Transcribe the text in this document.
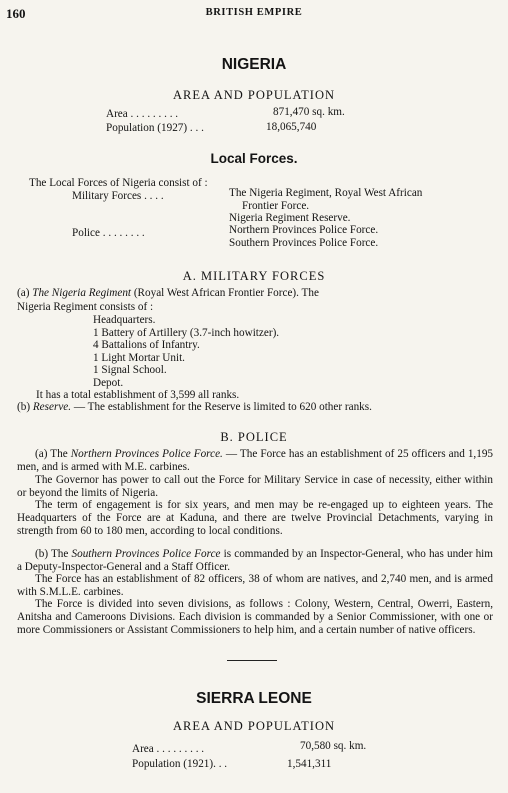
160	BRITISH EMPIRE
NIGERIA
AREA AND POPULATION
Area . . . . . . . . .	871,470 sq. km.
Population (1927) . . .	18,065,740
Local Forces.
The Local Forces of Nigeria consist of :
Military Forces . . . .	The Nigeria Regiment, Royal West African
Frontier Force.
Nigeria Regiment Reserve.
Police . . . . . . . .	Northern Provinces Police Force.
Southern Provinces Police Force.
A. MILITARY FORCES
(a) The Nigeria Regiment (Royal West African Frontier Force). The
Nigeria Regiment consists of :
Headquarters.
1 Battery of Artillery (3.7-inch howitzer).
4 Battalions of Infantry.
1 Light Mortar Unit.
1 Signal School.
Depot.
It has a total establishment of 3,599 all ranks.
(b) Reserve. — The establishment for the Reserve is limited to 620 other ranks.
B. POLICE
(a) The Northern Provinces Police Force. — The Force has an establishment of 25 officers and 1,195 men, and is armed with M.E. carbines.
The Governor has power to call out the Force for Military Service in case of necessity, either within or beyond the limits of Nigeria.
The term of engagement is for six years, and men may be re-engaged up to eighteen years. The Headquarters of the Force are at Kaduna, and there are twelve Provincial Detachments, varying in strength from 60 to 180 men, according to local conditions.
(b) The Southern Provinces Police Force is commanded by an Inspector-General, who has under him a Deputy-Inspector-General and a Staff Officer.
The Force has an establishment of 82 officers, 38 of whom are natives, and 2,740 men, and is armed with S.M.L.E. carbines.
The Force is divided into seven divisions, as follows : Colony, Western, Central, Owerri, Eastern, Anitsha and Cameroons Divisions. Each division is commanded by a Senior Commissioner, with one or more Commissioners or Assistant Commissioners to help him, and a certain number of native officers.
SIERRA LEONE
AREA AND POPULATION
Area . . . . . . . . .	70,580 sq. km.
Population (1921). . .	1,541,311
